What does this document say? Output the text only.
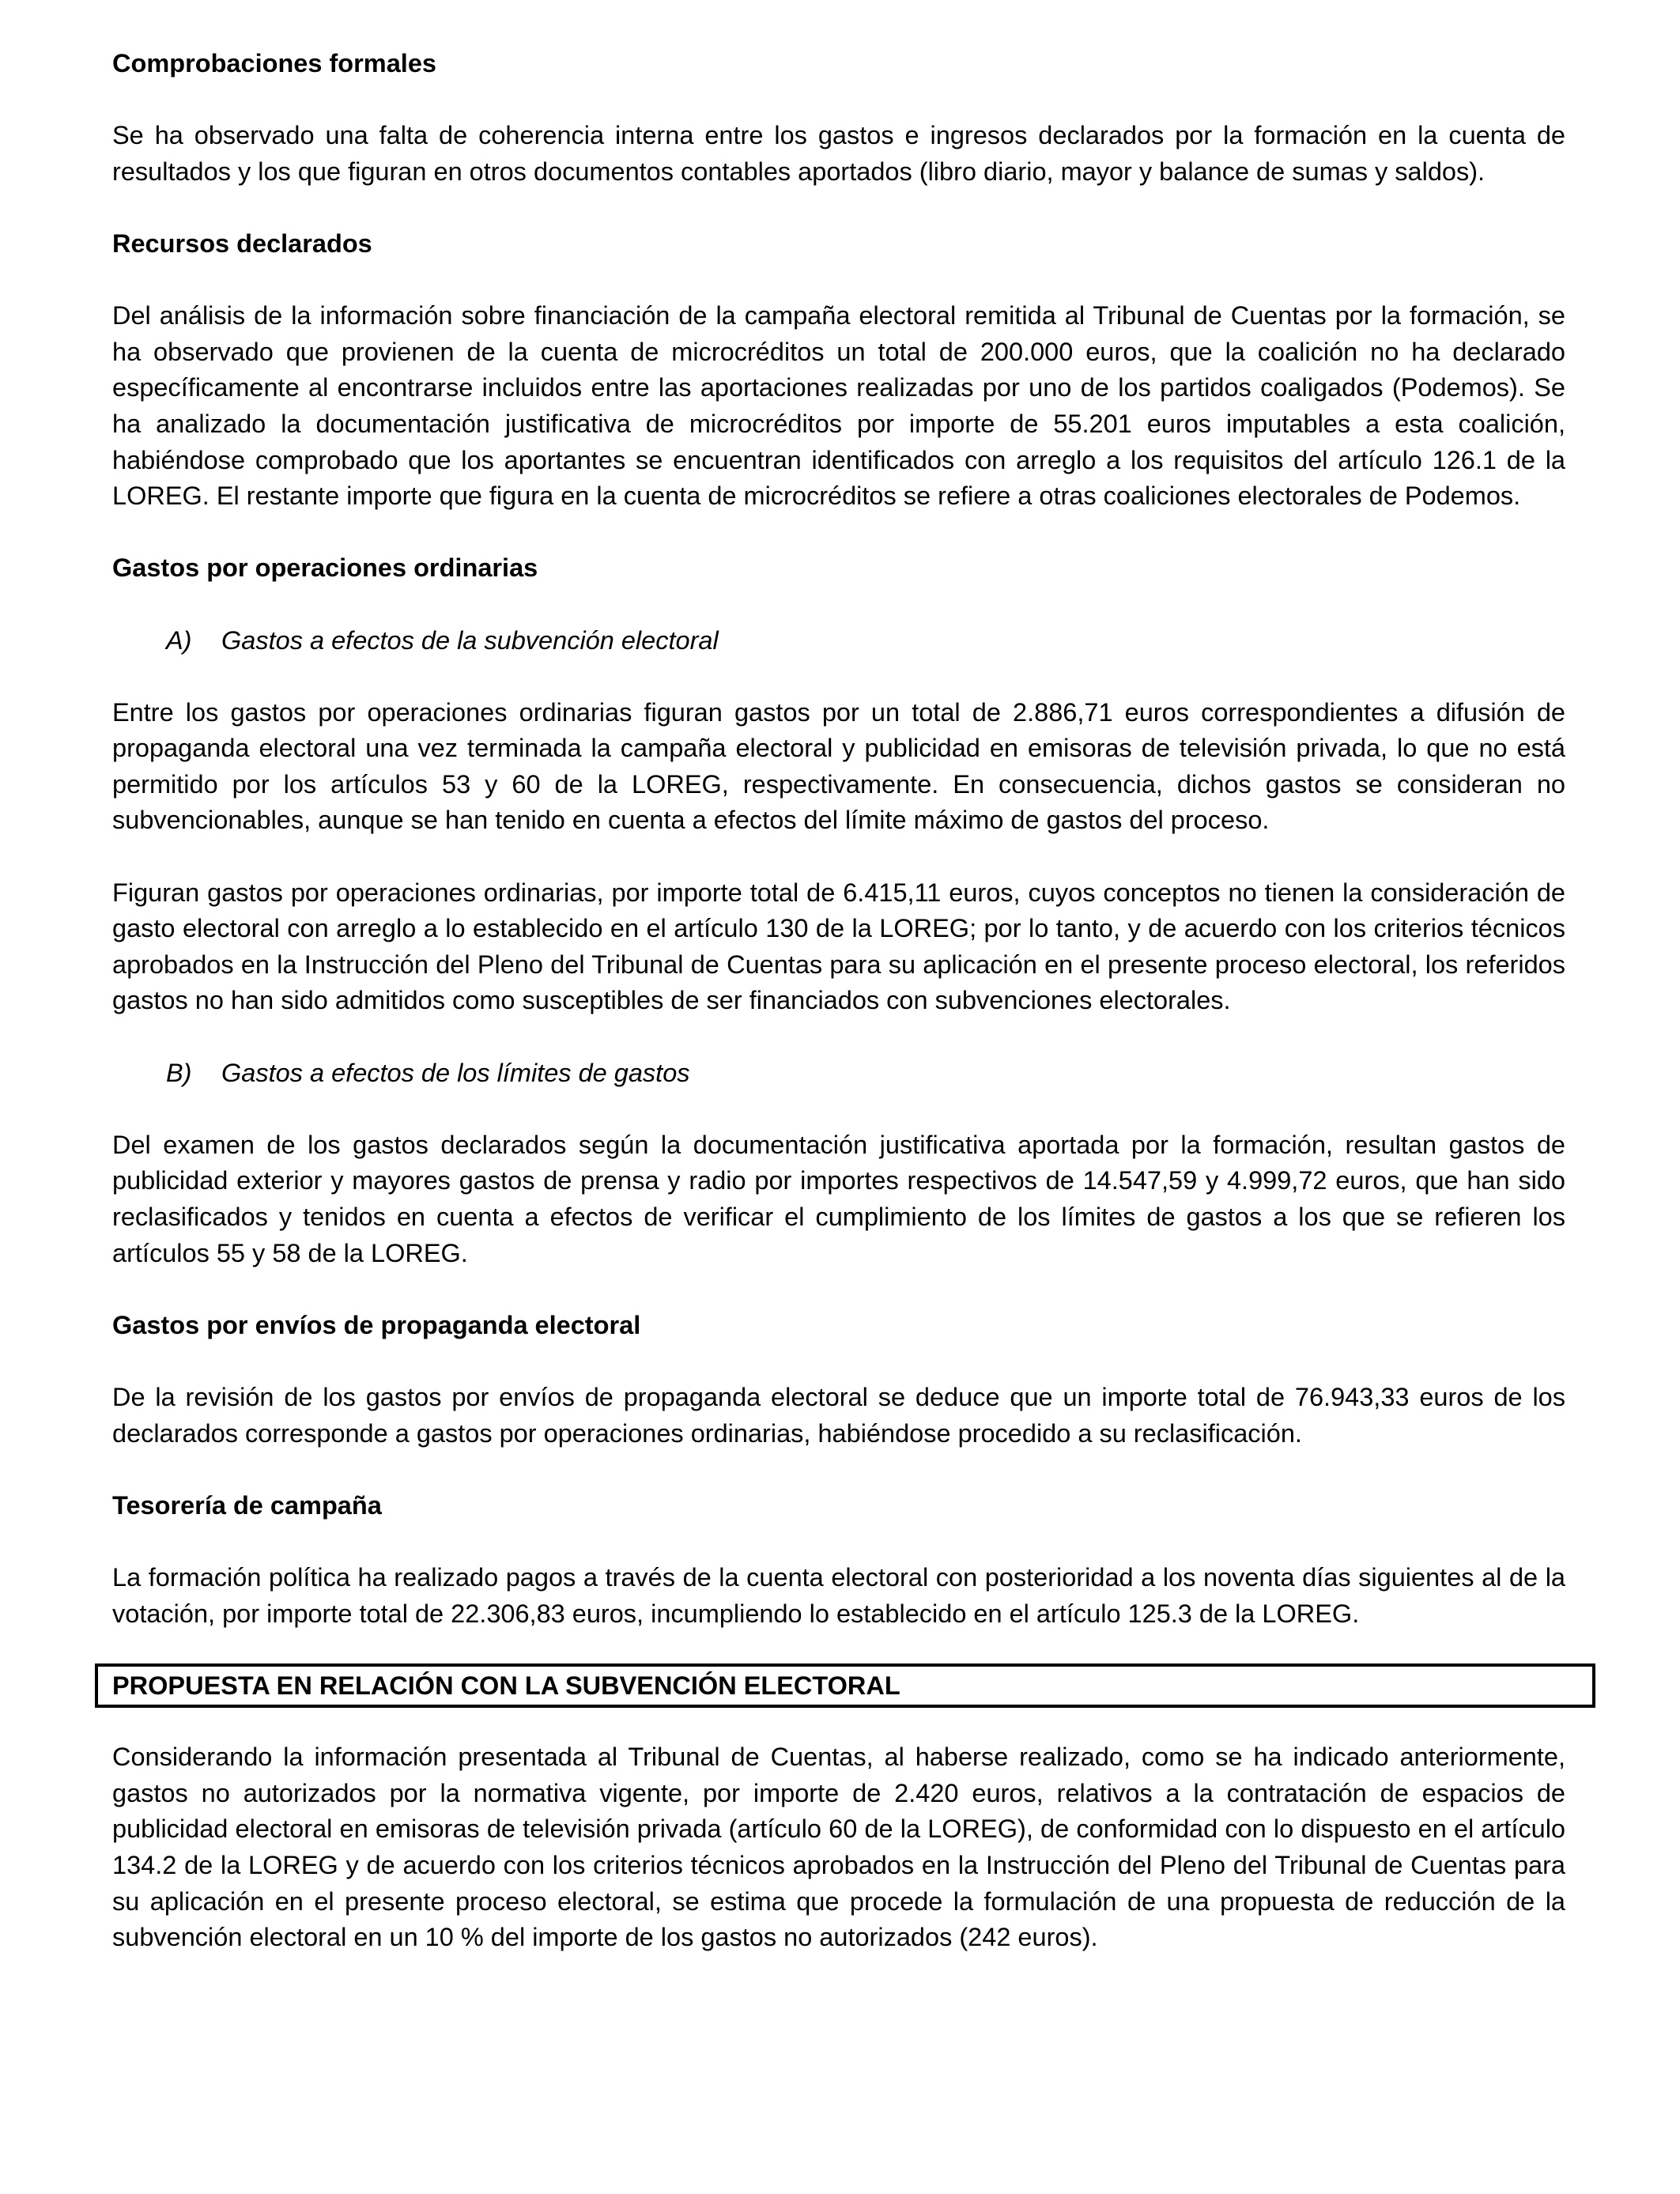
Comprobaciones formales

Se ha observado una falta de coherencia interna entre los gastos e ingresos declarados por la formación en la cuenta de resultados y los que figuran en otros documentos contables aportados (libro diario, mayor y balance de sumas y saldos).

Recursos declarados

Del análisis de la información sobre financiación de la campaña electoral remitida al Tribunal de Cuentas por la formación, se ha observado que provienen de la cuenta de microcréditos un total de 200.000 euros, que la coalición no ha declarado específicamente al encontrarse incluidos entre las aportaciones realizadas por uno de los partidos coaligados (Podemos). Se ha analizado la documentación justificativa de microcréditos por importe de 55.201 euros imputables a esta coalición, habiéndose comprobado que los aportantes se encuentran identificados con arreglo a los requisitos del artículo 126.1 de la LOREG. El restante importe que figura en la cuenta de microcréditos se refiere a otras coaliciones electorales de Podemos.

Gastos por operaciones ordinarias

A)	Gastos a efectos de la subvención electoral

Entre los gastos por operaciones ordinarias figuran gastos por un total de 2.886,71 euros correspondientes a difusión de propaganda electoral una vez terminada la campaña electoral y publicidad en emisoras de televisión privada, lo que no está permitido por los artículos 53 y 60 de la LOREG, respectivamente. En consecuencia, dichos gastos se consideran no subvencionables, aunque se han tenido en cuenta a efectos del límite máximo de gastos del proceso.

Figuran gastos por operaciones ordinarias, por importe total de 6.415,11 euros, cuyos conceptos no tienen la consideración de gasto electoral con arreglo a lo establecido en el artículo 130 de la LOREG; por lo tanto, y de acuerdo con los criterios técnicos aprobados en la Instrucción del Pleno del Tribunal de Cuentas para su aplicación en el presente proceso electoral, los referidos gastos no han sido admitidos como susceptibles de ser financiados con subvenciones electorales.

B)	Gastos a efectos de los límites de gastos

Del examen de los gastos declarados según la documentación justificativa aportada por la formación, resultan gastos de publicidad exterior y mayores gastos de prensa y radio por importes respectivos de 14.547,59 y 4.999,72 euros, que han sido reclasificados y tenidos en cuenta a efectos de verificar el cumplimiento de los límites de gastos a los que se refieren los artículos 55 y 58 de la LOREG.

Gastos por envíos de propaganda electoral

De la revisión de los gastos por envíos de propaganda electoral se deduce que un importe total de 76.943,33 euros de los declarados corresponde a gastos por operaciones ordinarias, habiéndose procedido a su reclasificación.

Tesorería de campaña

La formación política ha realizado pagos a través de la cuenta electoral con posterioridad a los noventa días siguientes al de la votación, por importe total de 22.306,83 euros, incumpliendo lo establecido en el artículo 125.3 de la LOREG.

PROPUESTA EN RELACIÓN CON LA SUBVENCIÓN ELECTORAL

Considerando la información presentada al Tribunal de Cuentas, al haberse realizado, como se ha indicado anteriormente, gastos no autorizados por la normativa vigente, por importe de 2.420 euros, relativos a la contratación de espacios de publicidad electoral en emisoras de televisión privada (artículo 60 de la LOREG), de conformidad con lo dispuesto en el artículo 134.2 de la LOREG y de acuerdo con los criterios técnicos aprobados en la Instrucción del Pleno del Tribunal de Cuentas para su aplicación en el presente proceso electoral, se estima que procede la formulación de una propuesta de reducción de la subvención electoral en un 10 % del importe de los gastos no autorizados (242 euros).
